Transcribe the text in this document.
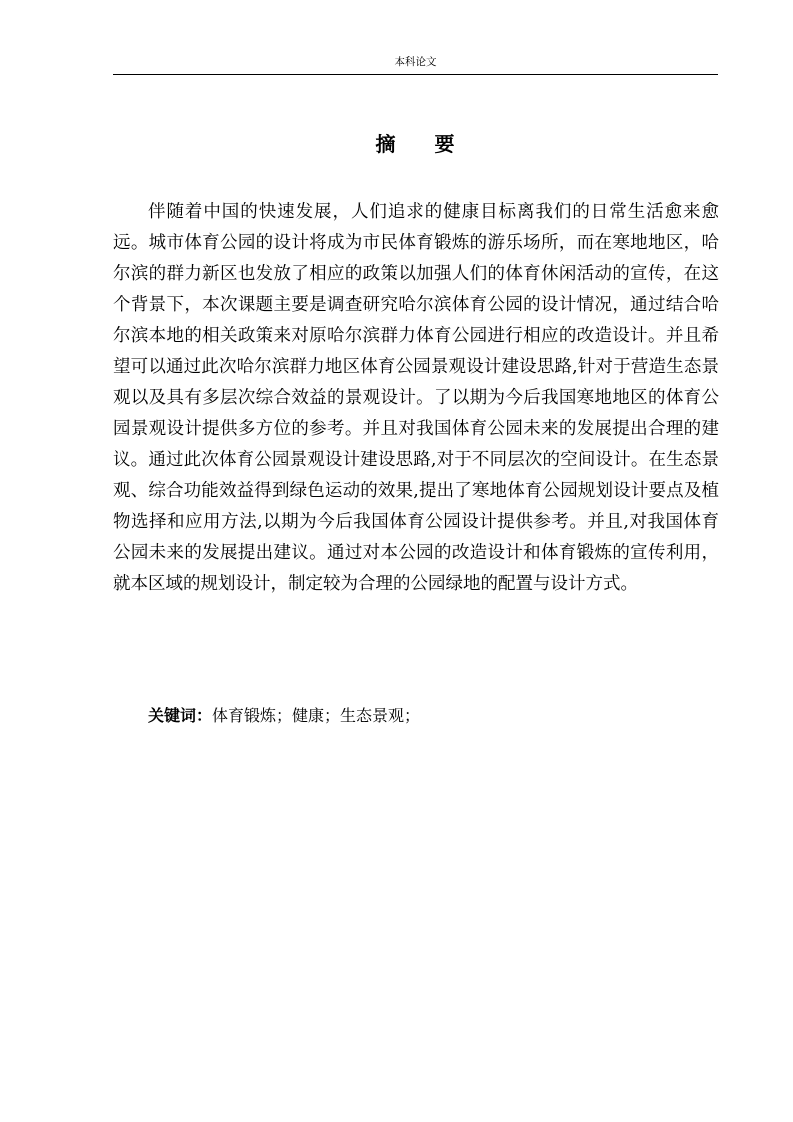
本科论文
摘 要

伴随着中国的快速发展，人们追求的健康目标离我们的日常生活愈来愈远。城市体育公园的设计将成为市民体育锻炼的游乐场所，而在寒地地区，哈尔滨的群力新区也发放了相应的政策以加强人们的体育休闲活动的宣传，在这个背景下，本次课题主要是调查研究哈尔滨体育公园的设计情况，通过结合哈尔滨本地的相关政策来对原哈尔滨群力体育公园进行相应的改造设计。并且希望可以通过此次哈尔滨群力地区体育公园景观设计建设思路,针对于营造生态景观以及具有多层次综合效益的景观设计。了以期为今后我国寒地地区的体育公园景观设计提供多方位的参考。并且对我国体育公园未来的发展提出合理的建议。通过此次体育公园景观设计建设思路,对于不同层次的空间设计。在生态景观、综合功能效益得到绿色运动的效果,提出了寒地体育公园规划设计要点及植物选择和应用方法,以期为今后我国体育公园设计提供参考。并且,对我国体育公园未来的发展提出建议。通过对本公园的改造设计和体育锻炼的宣传利用，就本区域的规划设计，制定较为合理的公园绿地的配置与设计方式。

关键词：体育锻炼；健康；生态景观；
